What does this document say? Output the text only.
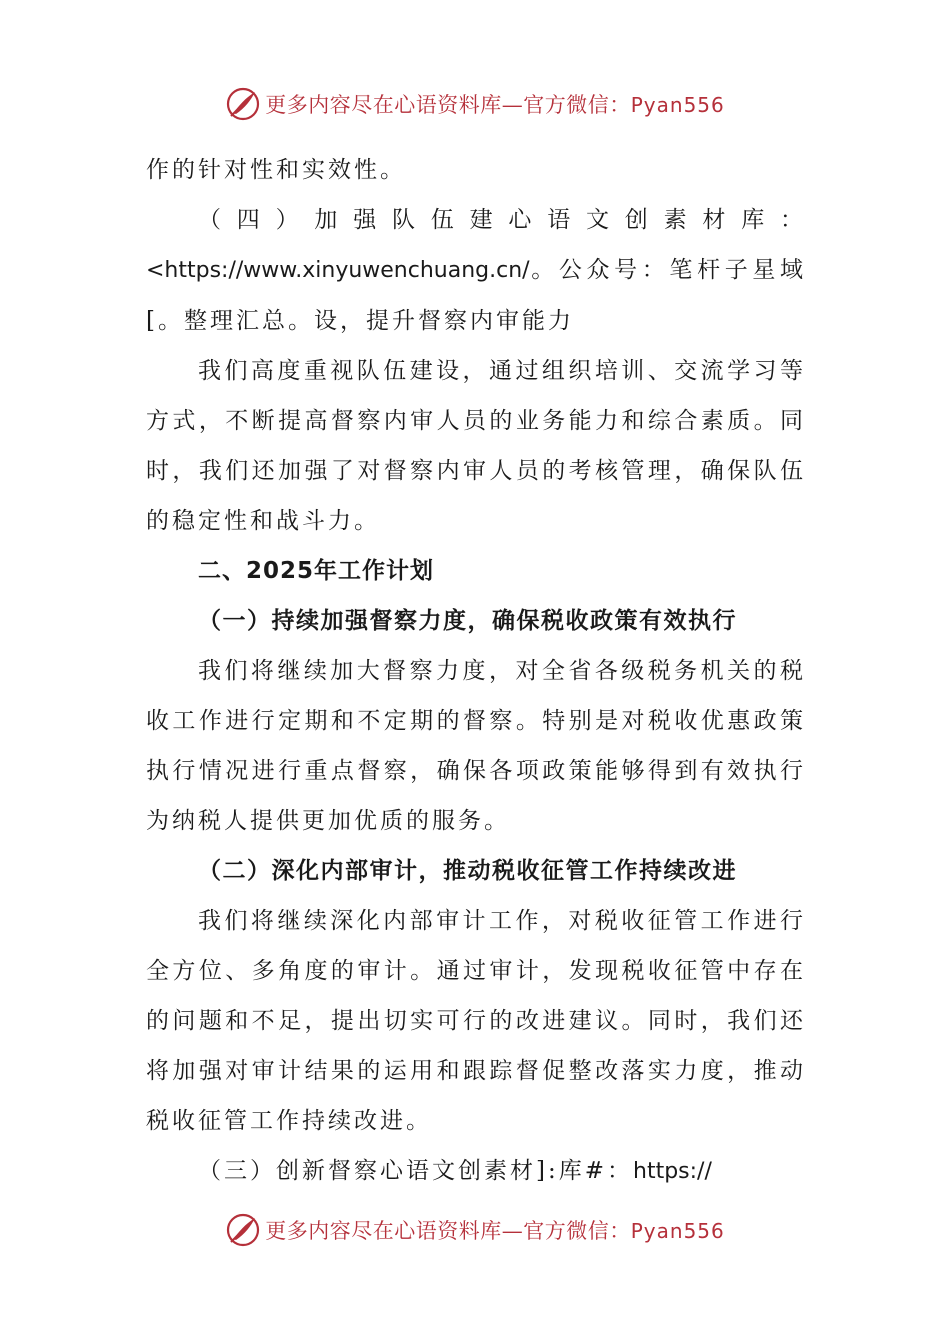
更多内容尽在心语资料库—官方微信：Pyan556

作的针对性和实效性。

（四）加强队伍建心语文创素材库：<https://www.xinyuwenchuang.cn/。公众号：笔杆子星域[。整理汇总。设，提升督察内审能力

我们高度重视队伍建设，通过组织培训、交流学习等方式，不断提高督察内审人员的业务能力和综合素质。同时，我们还加强了对督察内审人员的考核管理，确保队伍的稳定性和战斗力。

二、2025年工作计划

（一）持续加强督察力度，确保税收政策有效执行

我们将继续加大督察力度，对全省各级税务机关的税收工作进行定期和不定期的督察。特别是对税收优惠政策执行情况进行重点督察，确保各项政策能够得到有效执行为纳税人提供更加优质的服务。

（二）深化内部审计，推动税收征管工作持续改进

我们将继续深化内部审计工作，对税收征管工作进行全方位、多角度的审计。通过审计，发现税收征管中存在的问题和不足，提出切实可行的改进建议。同时，我们还将加强对审计结果的运用和跟踪督促整改落实力度，推动税收征管工作持续改进。

（三）创新督察心语文创素材]:库#：https://

更多内容尽在心语资料库—官方微信：Pyan556
